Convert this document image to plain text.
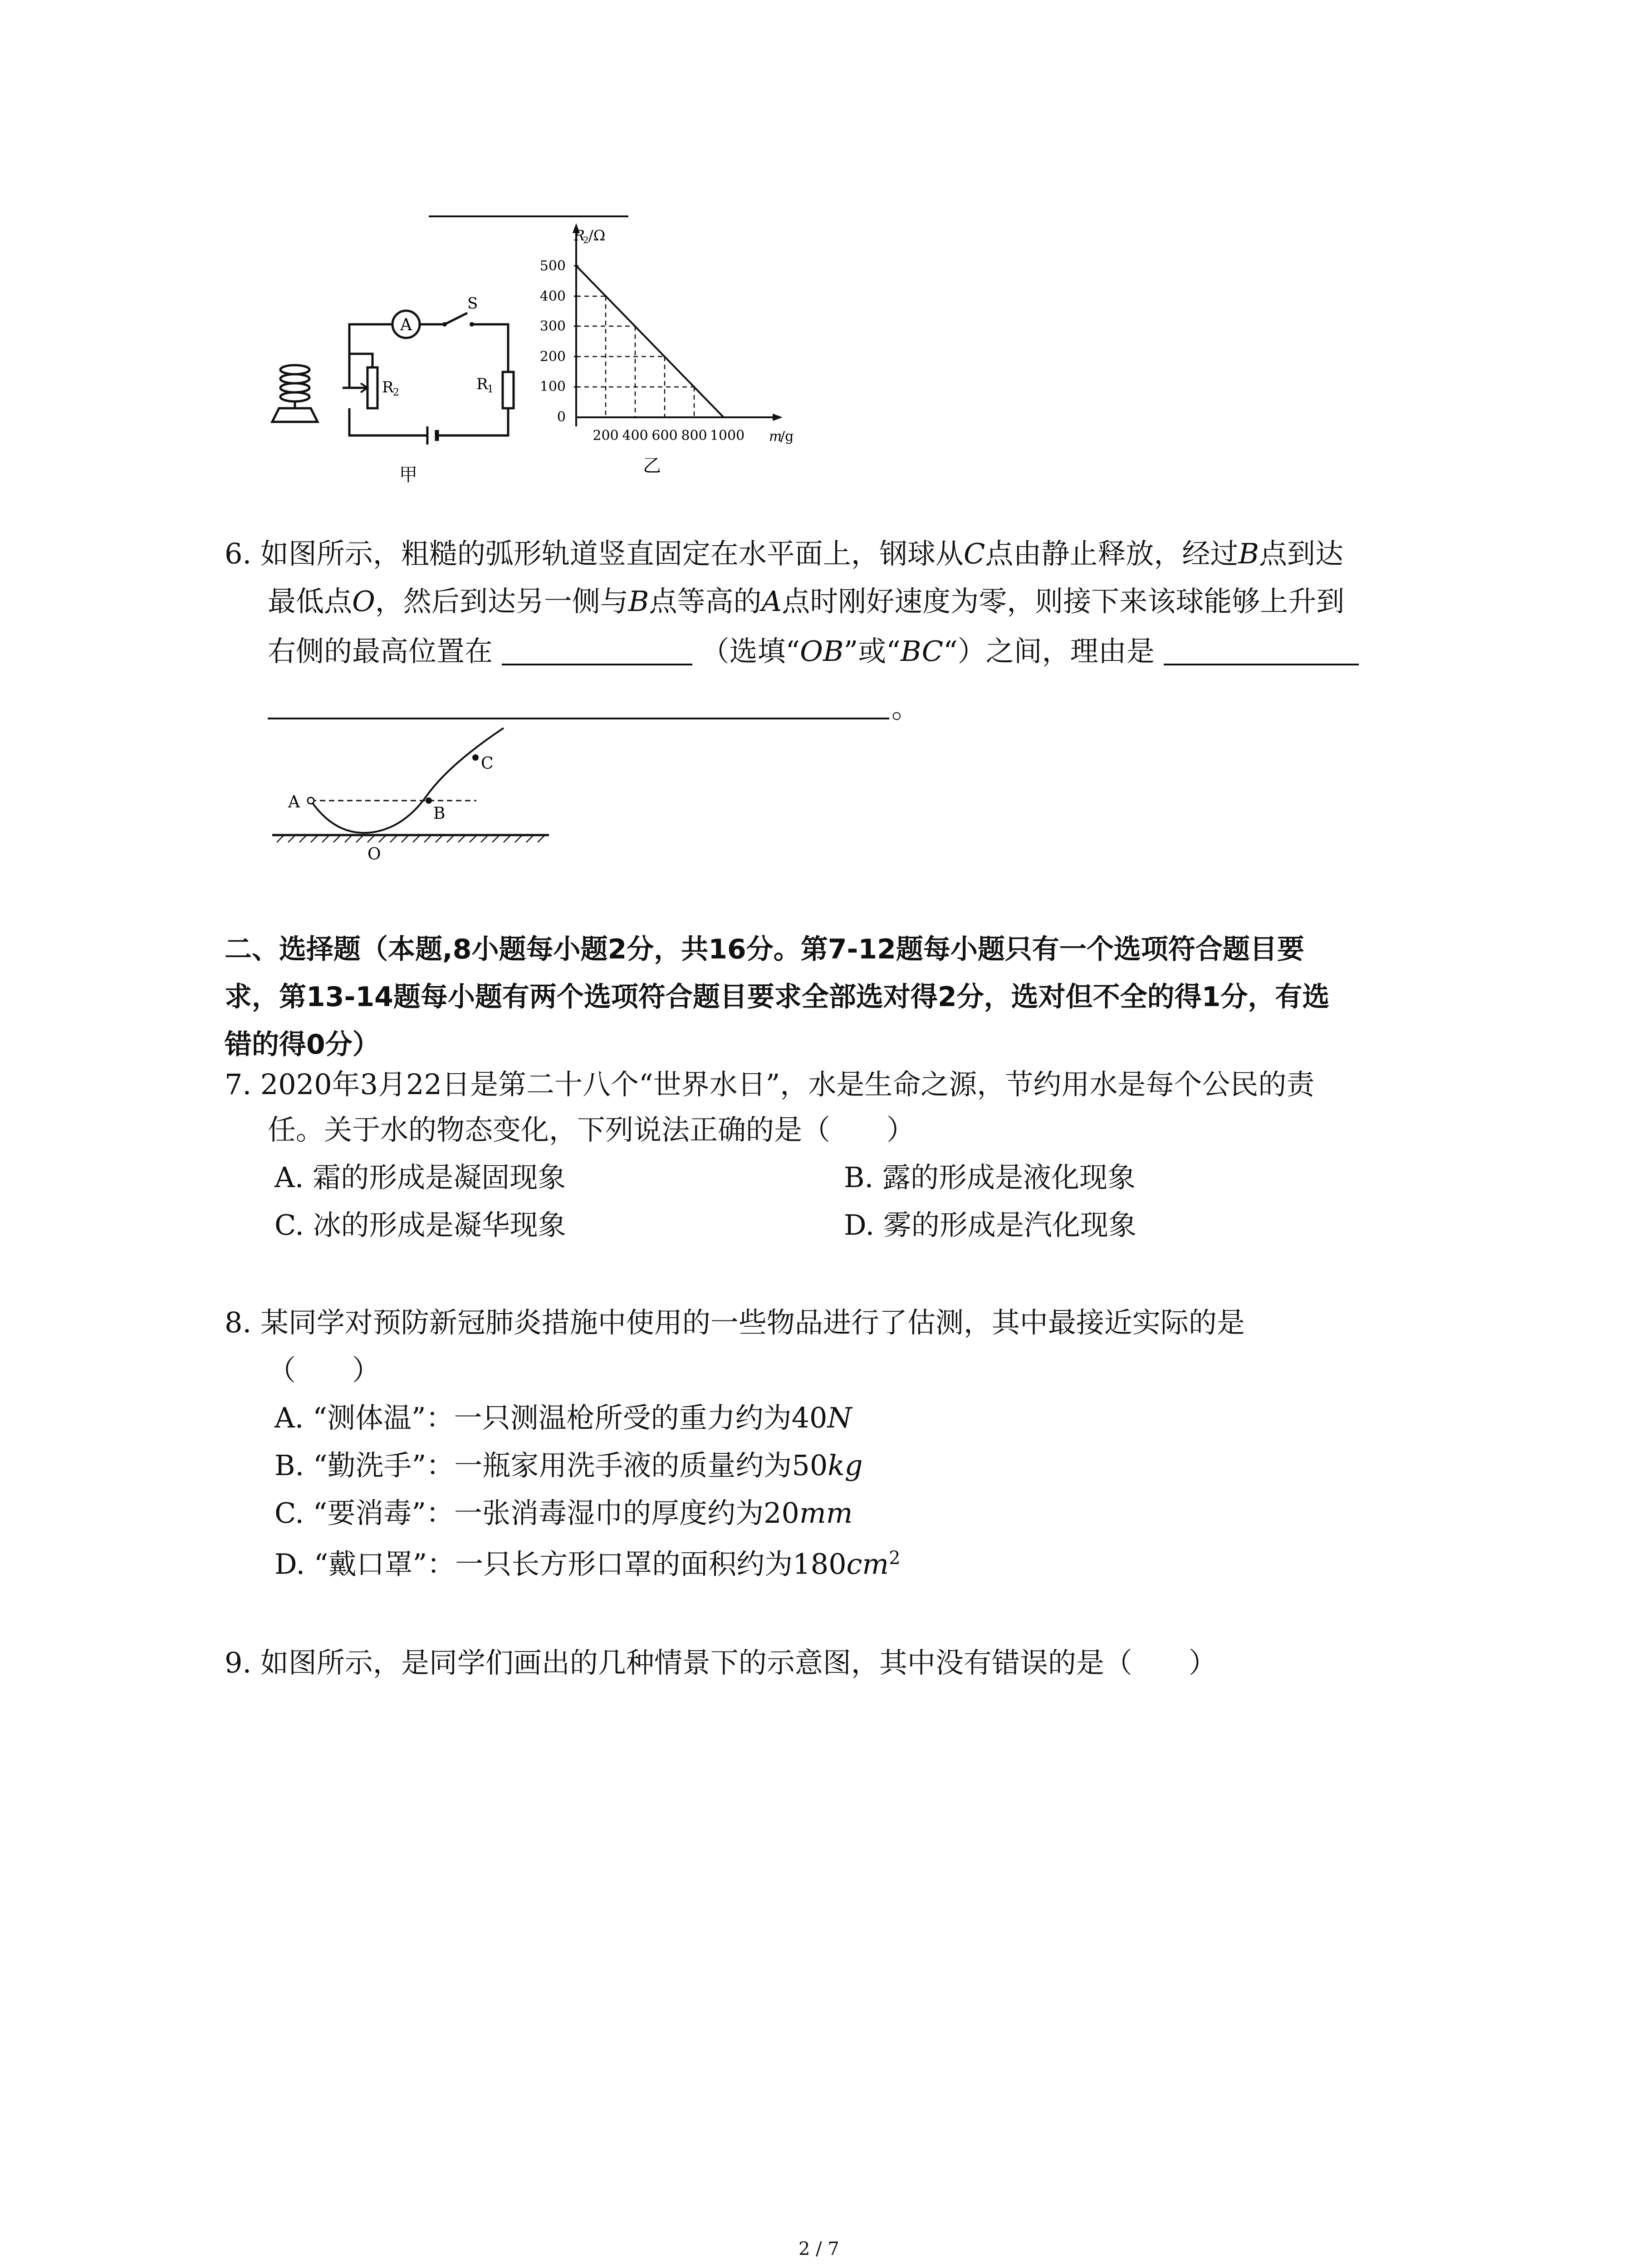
A
S
R
2	R
1
甲
R
2 /Ω
500
400
300
200
100
0
200 400 600 800 1000 m
/g
乙
6. 如图所示，粗糙的弧形轨道竖直固定在水平面上，钢球从C点由静止释放，经过B点到达
最低点O，然后到达另一侧与B点等高的A点时刚好速度为零，则接下来该球能够上升到
右侧的最高位置在	（选填“OB”或“BC“）之间，理由是
。
A
B
C
O
二、选择题（本题,8小题每小题2分，共16分。第7-12题每小题只有一个选项符合题目要
求，第13-14题每小题有两个选项符合题目要求全部选对得2分，选对但不全的得1分，有选
错的得0分）
7. 2020年3月22日是第二十八个“世界水日”，水是生命之源，节约用水是每个公民的责
任。关于水的物态变化，下列说法正确的是（　　）
A. 霜的形成是凝固现象	B. 露的形成是液化现象
C. 冰的形成是凝华现象	D. 雾的形成是汽化现象
8. 某同学对预防新冠肺炎措施中使用的一些物品进行了估测，其中最接近实际的是
（　　）
A. “测体温”：一只测温枪所受的重力约为40N
B. “勤洗手”：一瓶家用洗手液的质量约为50kg
C. “要消毒”：一张消毒湿巾的厚度约为20mm
D. “戴口罩”：一只长方形口罩的面积约为$180cm^2$
9. 如图所示，是同学们画出的几种情景下的示意图，其中没有错误的是（　　）
2 / 7
